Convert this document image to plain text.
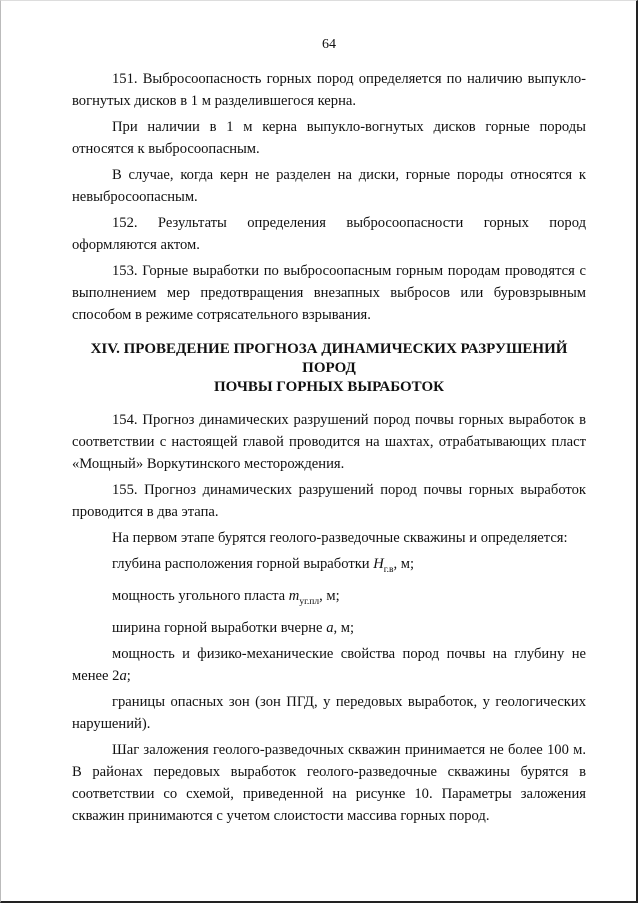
64

151. Выбросоопасность горных пород определяется по наличию выпукло-вогнутых дисков в 1 м разделившегося керна.

При наличии в 1 м керна выпукло-вогнутых дисков горные породы относятся к выбросоопасным.

В случае, когда керн не разделен на диски, горные породы относятся к невыбросоопасным.

152. Результаты определения выбросоопасности горных пород оформляются актом.

153. Горные выработки по выбросоопасным горным породам проводятся с выполнением мер предотвращения внезапных выбросов или буровзрывным способом в режиме сотрясательного взрывания.

XIV. ПРОВЕДЕНИЕ ПРОГНОЗА ДИНАМИЧЕСКИХ РАЗРУШЕНИЙ ПОРОД
ПОЧВЫ ГОРНЫХ ВЫРАБОТОК

154. Прогноз динамических разрушений пород почвы горных выработок в соответствии с настоящей главой проводится на шахтах, отрабатывающих пласт «Мощный» Воркутинского месторождения.

155. Прогноз динамических разрушений пород почвы горных выработок проводится в два этапа.

На первом этапе бурятся геолого-разведочные скважины и определяется:

глубина расположения горной выработки $H_{г.в}$, м;

мощность угольного пласта $m_{уг.пл}$, м;

ширина горной выработки вчерне a, м;

мощность и физико-механические свойства пород почвы на глубину не менее 2a;

границы опасных зон (зон ПГД, у передовых выработок, у геологических нарушений).

Шаг заложения геолого-разведочных скважин принимается не более 100 м. В районах передовых выработок геолого-разведочные скважины бурятся в соответствии со схемой, приведенной на рисунке 10. Параметры заложения скважин принимаются с учетом слоистости массива горных пород.
